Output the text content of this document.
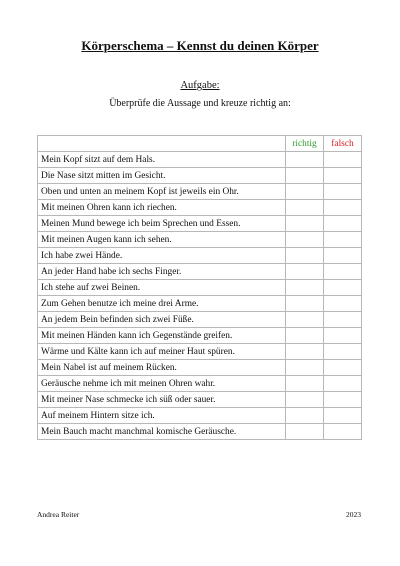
Körperschema – Kennst du deinen Körper
Aufgabe:
Überprüfe die Aussage und kreuze richtig an:
	richtig	falsch
Mein Kopf sitzt auf dem Hals.		
Die Nase sitzt mitten im Gesicht.		
Oben und unten an meinem Kopf ist jeweils ein Ohr.		
Mit meinen Ohren kann ich riechen.		
Meinen Mund bewege ich beim Sprechen und Essen.		
Mit meinen Augen kann ich sehen.		
Ich habe zwei Hände.		
An jeder Hand habe ich sechs Finger.		
Ich stehe auf zwei Beinen.		
Zum Gehen benutze ich meine drei Arme.		
An jedem Bein befinden sich zwei Füße.		
Mit meinen Händen kann ich Gegenstände greifen.		
Wärme und Kälte kann ich auf meiner Haut spüren.		
Mein Nabel ist auf meinem Rücken.		
Geräusche nehme ich mit meinen Ohren wahr.		
Mit meiner Nase schmecke ich süß oder sauer.		
Auf meinem Hintern sitze ich.		
Mein Bauch macht manchmal komische Geräusche.		
Andrea Reiter	2023
